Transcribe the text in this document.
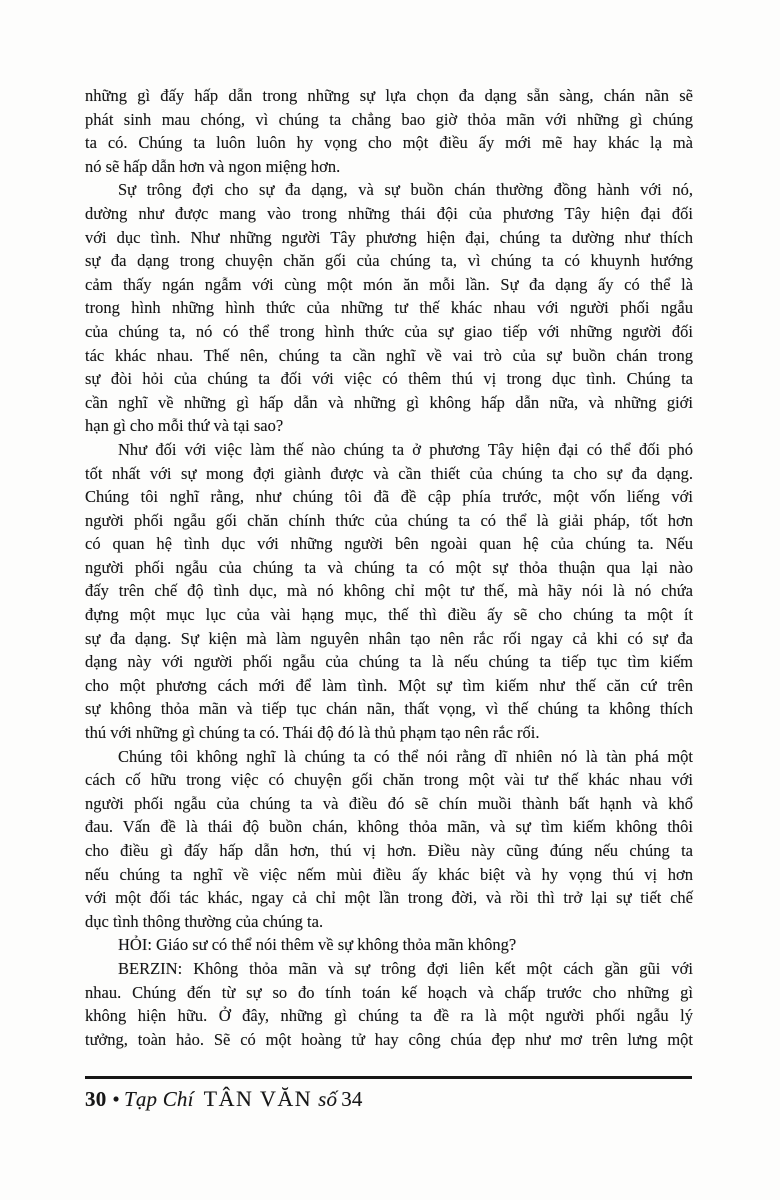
những gì đấy hấp dẫn trong những sự lựa chọn đa dạng sẵn sàng, chán nãn sẽ
phát sinh mau chóng, vì chúng ta chẳng bao giờ thỏa mãn với những gì chúng
ta có. Chúng ta luôn luôn hy vọng cho một điều ấy mới mẽ hay khác lạ mà
nó sẽ hấp dẫn hơn và ngon miệng hơn.
Sự trông đợi cho sự đa dạng, và sự buồn chán thường đồng hành với nó,
dường như được mang vào trong những thái đội của phương Tây hiện đại đối
với dục tình. Như những người Tây phương hiện đại, chúng ta dường như thích
sự đa dạng trong chuyện chăn gối của chúng ta, vì chúng ta có khuynh hướng
cảm thấy ngán ngẫm với cùng một món ăn mỗi lần. Sự đa dạng ấy có thể là
trong hình những hình thức của những tư thế khác nhau với người phối ngẫu
của chúng ta, nó có thể trong hình thức của sự giao tiếp với những người đối
tác khác nhau. Thế nên, chúng ta cần nghĩ về vai trò của sự buồn chán trong
sự đòi hỏi của chúng ta đối với việc có thêm thú vị trong dục tình. Chúng ta
cần nghĩ về những gì hấp dẫn và những gì không hấp dẫn nữa, và những giới
hạn gì cho mỗi thứ và tại sao?
Như đối với việc làm thế nào chúng ta ở phương Tây hiện đại có thể đối phó
tốt nhất với sự mong đợi giành được và cần thiết của chúng ta cho sự đa dạng.
Chúng tôi nghĩ rằng, như chúng tôi đã đề cập phía trước, một vốn liếng với
người phối ngẫu gối chăn chính thức của chúng ta có thể là giải pháp, tốt hơn
có quan hệ tình dục với những người bên ngoài quan hệ của chúng ta. Nếu
người phối ngẫu của chúng ta và chúng ta có một sự thỏa thuận qua lại nào
đấy trên chế độ tình dục, mà nó không chỉ một tư thế, mà hãy nói là nó chứa
đựng một mục lục của vài hạng mục, thế thì điều ấy sẽ cho chúng ta một ít
sự đa dạng. Sự kiện mà làm nguyên nhân tạo nên rắc rối ngay cả khi có sự đa
dạng này với người phối ngẫu của chúng ta là nếu chúng ta tiếp tục tìm kiếm
cho một phương cách mới để làm tình. Một sự tìm kiếm như thế căn cứ trên
sự không thỏa mãn và tiếp tục chán nãn, thất vọng, vì thế chúng ta không thích
thú với những gì chúng ta có. Thái độ đó là thủ phạm tạo nên rắc rối.
Chúng tôi không nghĩ là chúng ta có thể nói rằng dĩ nhiên nó là tàn phá một
cách cố hữu trong việc có chuyện gối chăn trong một vài tư thế khác nhau với
người phối ngẫu của chúng ta và điều đó sẽ chín muồi thành bất hạnh và khổ
đau. Vấn đề là thái độ buồn chán, không thỏa mãn, và sự tìm kiếm không thôi
cho điều gì đấy hấp dẫn hơn, thú vị hơn. Điều này cũng đúng nếu chúng ta
nếu chúng ta nghĩ về việc nếm mùi điều ấy khác biệt và hy vọng thú vị hơn
với một đối tác khác, ngay cả chỉ một lần trong đời, và rồi thì trở lại sự tiết chế
dục tình thông thường của chúng ta.
HỎI: Giáo sư có thể nói thêm về sự không thỏa mãn không?
BERZIN: Không thỏa mãn và sự trông đợi liên kết một cách gần gũi với
nhau. Chúng đến từ sự so đo tính toán kế hoạch và chấp trước cho những gì
không hiện hữu. Ở đây, những gì chúng ta đề ra là một người phối ngẫu lý
tưởng, toàn hảo. Sẽ có một hoàng tử hay công chúa đẹp như mơ trên lưng một
30 • Tạp Chí TÂN VĂN số 34
